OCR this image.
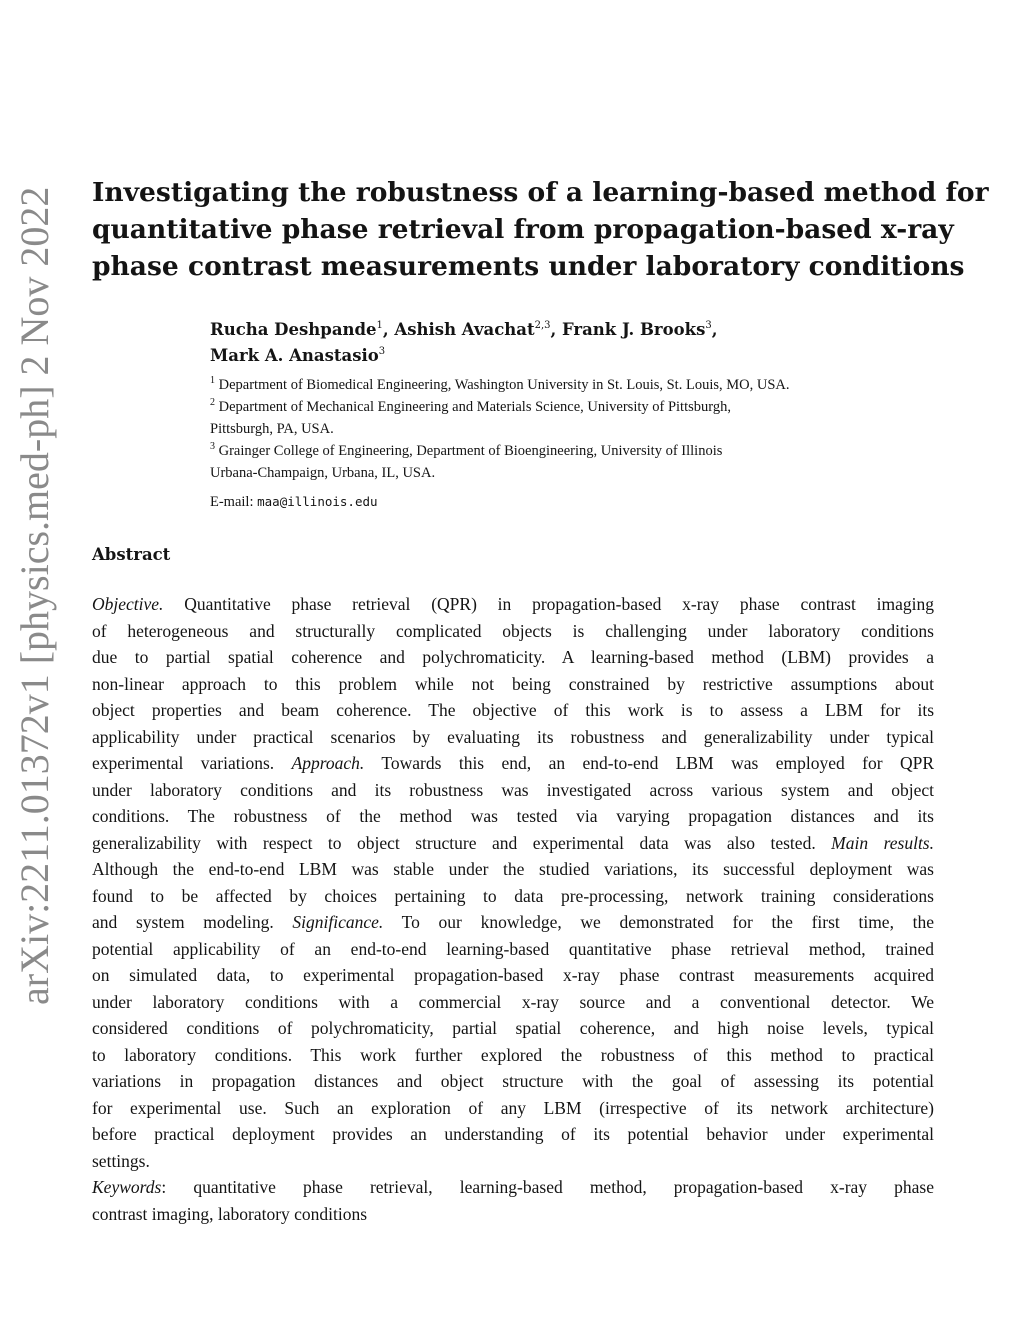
arXiv:2211.01372v1 [physics.med-ph] 2 Nov 2022	Investigating the robustness of a learning-based method for
quantitative phase retrieval from propagation-based x-ray
phase contrast measurements under laboratory conditions
Rucha Deshpande$^1$, Ashish Avachat$^{2,3}$, Frank J. Brooks$^3$,
Mark A. Anastasio$^3$
$^1$ Department of Biomedical Engineering, Washington University in St. Louis, St. Louis, MO, USA.
$^2$ Department of Mechanical Engineering and Materials Science, University of Pittsburgh,
Pittsburgh, PA, USA.
$^3$ Grainger College of Engineering, Department of Bioengineering, University of Illinois
Urbana-Champaign, Urbana, IL, USA.
E-mail: maa@illinois.edu
Abstract
Objective. Quantitative phase retrieval (QPR) in propagation-based x-ray phase contrast imaging
of heterogeneous and structurally complicated objects is challenging under laboratory conditions
due to partial spatial coherence and polychromaticity. A learning-based method (LBM) provides a
non-linear approach to this problem while not being constrained by restrictive assumptions about
object properties and beam coherence. The objective of this work is to assess a LBM for its
applicability under practical scenarios by evaluating its robustness and generalizability under typical
experimental variations. Approach. Towards this end, an end-to-end LBM was employed for QPR
under laboratory conditions and its robustness was investigated across various system and object
conditions. The robustness of the method was tested via varying propagation distances and its
generalizability with respect to object structure and experimental data was also tested. Main results.
Although the end-to-end LBM was stable under the studied variations, its successful deployment was
found to be affected by choices pertaining to data pre-processing, network training considerations
and system modeling. Significance. To our knowledge, we demonstrated for the first time, the
potential applicability of an end-to-end learning-based quantitative phase retrieval method, trained
on simulated data, to experimental propagation-based x-ray phase contrast measurements acquired
under laboratory conditions with a commercial x-ray source and a conventional detector. We
considered conditions of polychromaticity, partial spatial coherence, and high noise levels, typical
to laboratory conditions. This work further explored the robustness of this method to practical
variations in propagation distances and object structure with the goal of assessing its potential
for experimental use. Such an exploration of any LBM (irrespective of its network architecture)
before practical deployment provides an understanding of its potential behavior under experimental
settings.
Keywords: quantitative phase retrieval, learning-based method, propagation-based x-ray phase
contrast imaging, laboratory conditions
